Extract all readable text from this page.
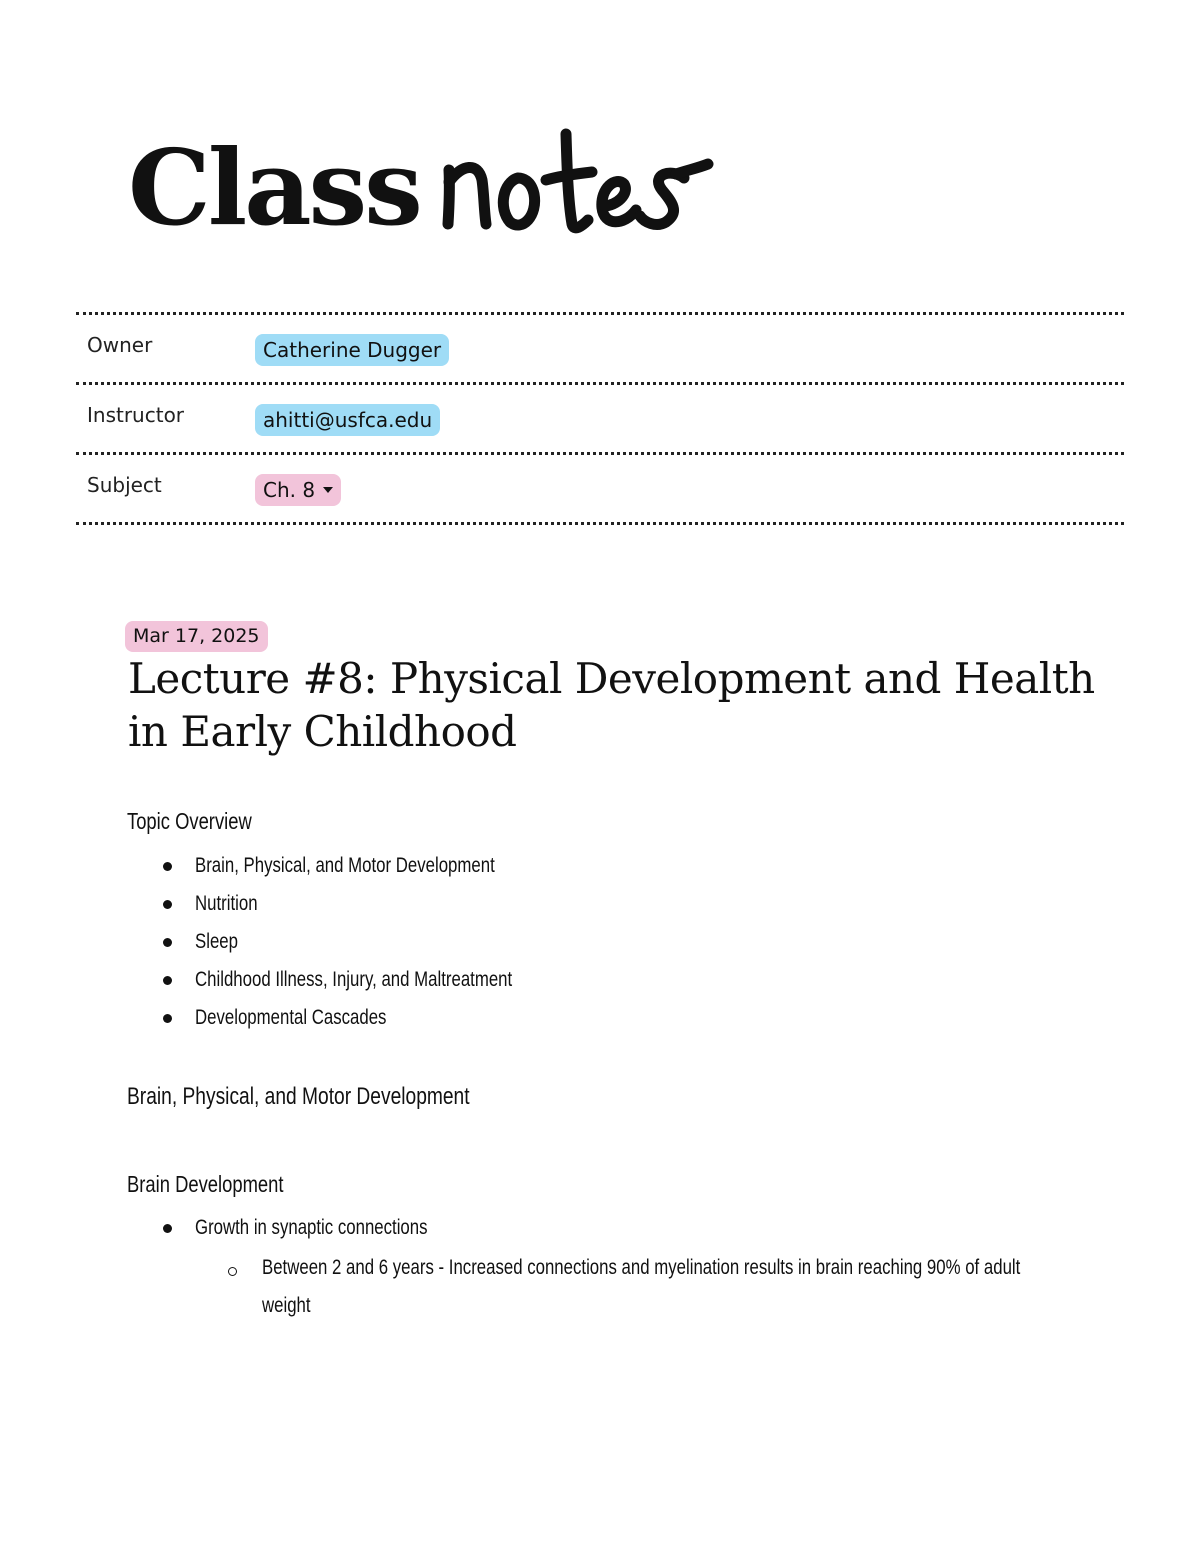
Class
Owner	Catherine Dugger
Instructor	ahitti@usfca.edu
Subject	Ch. 8
Mar 17, 2025
Lecture #8: Physical Development and Health in Early Childhood
Topic Overview
Brain, Physical, and Motor Development
Nutrition
Sleep
Childhood Illness, Injury, and Maltreatment
Developmental Cascades
Brain, Physical, and Motor Development
Brain Development
Growth in synaptic connections
Between 2 and 6 years - Increased connections and myelination results in brain reaching 90% of adult weight
